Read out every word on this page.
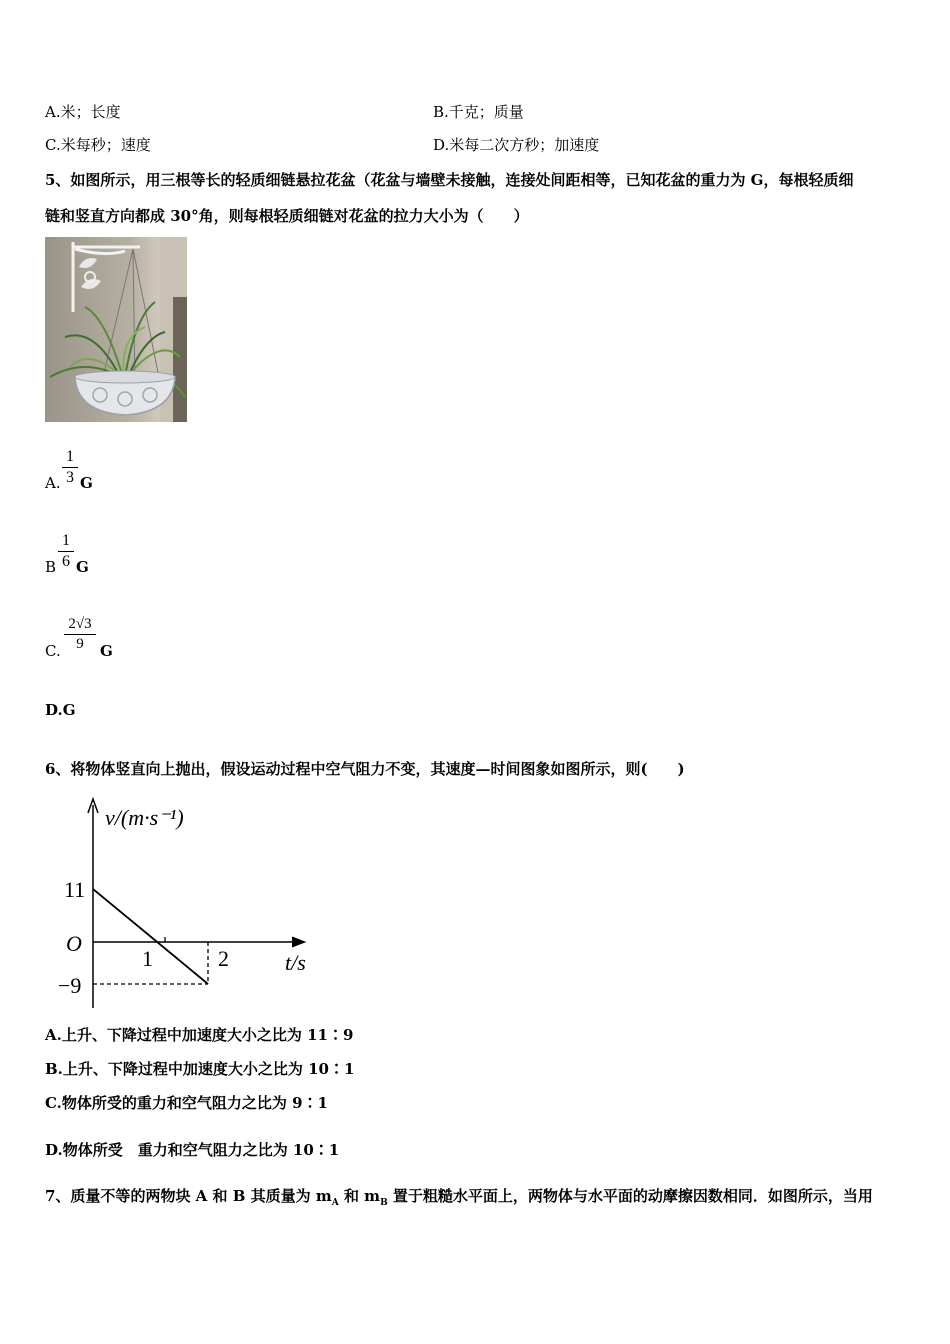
A.米；长度	B.千克；质量
C.米每秒；速度	D.米每二次方秒；加速度
5、如图所示，用三根等长的轻质细链悬拉花盆（花盆与墙壁未接触，连接处间距相等，已知花盆的重力为 G，每根轻质细
链和竖直方向都成 30°角，则每根轻质细链对花盆的拉力大小为（　　）
A.
1
3 G
B
1
6 G
C.
2√3
9	G
D.G
6、将物体竖直向上抛出，假设运动过程中空气阻力不变，其速度—时间图象如图所示，则(　　)
v/(m·s⁻¹)
11
O
1	2	t/s
−9
A.上升、下降过程中加速度大小之比为 11∶9
B.上升、下降过程中加速度大小之比为 10∶1
C.物体所受的重力和空气阻力之比为 9∶1
D.物体所受　重力和空气阻力之比为 10∶1
7、质量不等的两物块 A 和 B 其质量为 $m_A$ 和 $m_B$ 置于粗糙水平面上，两物体与水平面的动摩擦因数相同．如图所示，当用
